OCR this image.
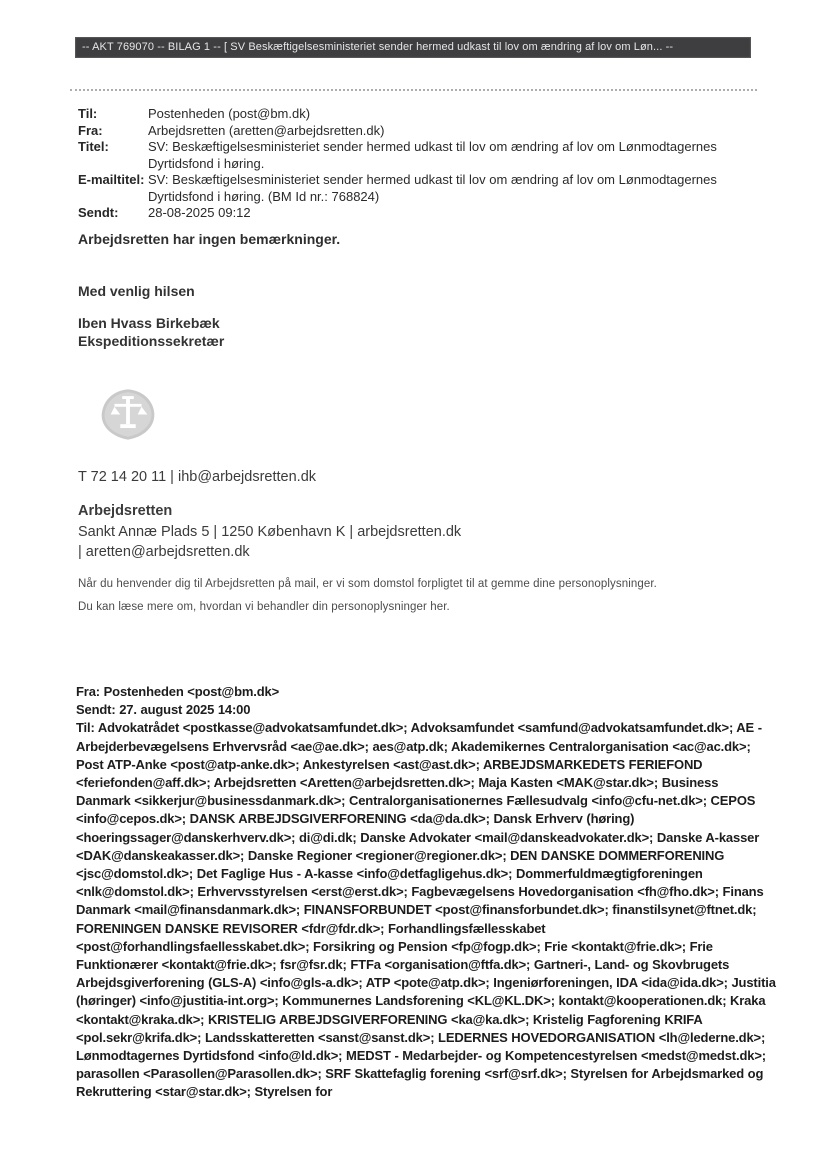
-- AKT 769070 -- BILAG 1 -- [ SV Beskæftigelsesministeriet sender hermed udkast til lov om ændring af lov om Løn... --
Til:	Postenheden (post@bm.dk)
Fra:	Arbejdsretten (aretten@arbejdsretten.dk)
Titel:	SV: Beskæftigelsesministeriet sender hermed udkast til lov om ændring af lov om Lønmodtagernes Dyrtidsfond i høring.
E-mailtitel: SV: Beskæftigelsesministeriet sender hermed udkast til lov om ændring af lov om Lønmodtagernes Dyrtidsfond i høring. (BM Id nr.: 768824)
Sendt:	28-08-2025 09:12
Arbejdsretten har ingen bemærkninger.
Med venlig hilsen
Iben Hvass Birkebæk
Ekspeditionssekretær
T 72 14 20 11 | ihb@arbejdsretten.dk
Arbejdsretten
Sankt Annæ Plads 5 | 1250 København K | arbejdsretten.dk
| aretten@arbejdsretten.dk
Når du henvender dig til Arbejdsretten på mail, er vi som domstol forpligtet til at gemme dine personoplysninger.
Du kan læse mere om, hvordan vi behandler din personoplysninger her.

Fra: Postenheden <post@bm.dk>

Sendt: 27. august 2025 14:00

Til: Advokatrådet <postkasse@advokatsamfundet.dk>; Advoksamfundet <samfund@advokatsamfundet.dk>; AE - Arbejderbevægelsens Erhvervsråd <ae@ae.dk>; aes@atp.dk; Akademikernes Centralorganisation <ac@ac.dk>; Post ATP-Anke <post@atp-anke.dk>; Ankestyrelsen <ast@ast.dk>; ARBEJDSMARKEDETS FERIEFOND <feriefonden@aff.dk>; Arbejdsretten <Aretten@arbejdsretten.dk>; Maja Kasten <MAK@star.dk>; Business Danmark <sikkerjur@businessdanmark.dk>; Centralorganisationernes Fællesudvalg <info@cfu-net.dk>; CEPOS <info@cepos.dk>; DANSK ARBEJDSGIVERFORENING <da@da.dk>; Dansk Erhverv (høring) <hoeringssager@danskerhverv.dk>; di@di.dk; Danske Advokater <mail@danskeadvokater.dk>; Danske A-kasser <DAK@danskeakasser.dk>; Danske Regioner <regioner@regioner.dk>; DEN DANSKE DOMMERFORENING <jsc@domstol.dk>; Det Faglige Hus - A-kasse <info@detfagligehus.dk>; Dommerfuldmægtigforeningen <nlk@domstol.dk>; Erhvervsstyrelsen <erst@erst.dk>; Fagbevægelsens Hovedorganisation <fh@fho.dk>; Finans Danmark <mail@finansdanmark.dk>; FINANSFORBUNDET <post@finansforbundet.dk>; finanstilsynet@ftnet.dk; FORENINGEN DANSKE REVISORER <fdr@fdr.dk>; Forhandlingsfællesskabet <post@forhandlingsfaellesskabet.dk>; Forsikring og Pension <fp@fogp.dk>; Frie <kontakt@frie.dk>; Frie Funktionærer <kontakt@frie.dk>; fsr@fsr.dk; FTFa <organisation@ftfa.dk>; Gartneri-, Land- og Skovbrugets Arbejdsgiverforening (GLS-A) <info@gls-a.dk>; ATP <pote@atp.dk>; Ingeniørforeningen, IDA <ida@ida.dk>; Justitia (høringer) <info@justitia-int.org>; Kommunernes Landsforening <KL@KL.DK>; kontakt@kooperationen.dk; Kraka <kontakt@kraka.dk>; KRISTELIG ARBEJDSGIVERFORENING <ka@ka.dk>; Kristelig Fagforening KRIFA <pol.sekr@krifa.dk>; Landsskatteretten <sanst@sanst.dk>; LEDERNES HOVEDORGANISATION <lh@lederne.dk>; Lønmodtagernes Dyrtidsfond <info@ld.dk>; MEDST - Medarbejder- og Kompetencestyrelsen <medst@medst.dk>; parasollen <Parasollen@Parasollen.dk>; SRF Skattefaglig forening <srf@srf.dk>; Styrelsen for Arbejdsmarked og Rekruttering <star@star.dk>; Styrelsen for
